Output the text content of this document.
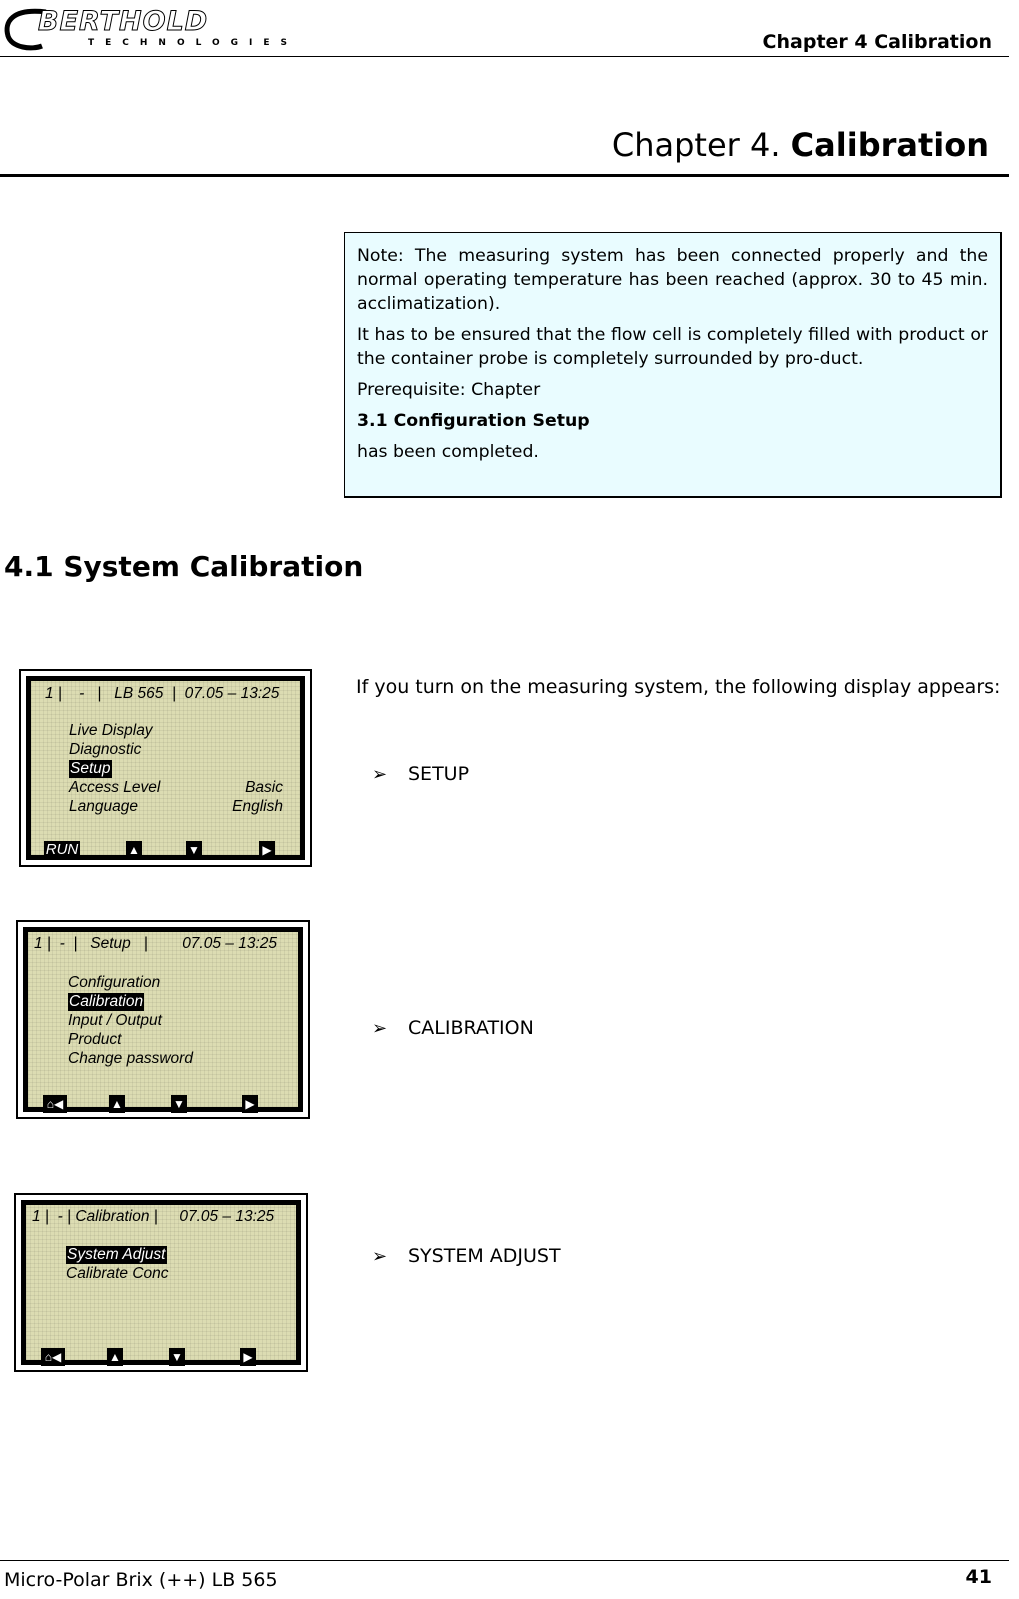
BERTHOLD
TECHNOLOGIES	Chapter 4 Calibration
Chapter 4. Calibration

Note: The measuring system has been connected properly and the normal operating temperature has been reached (approx. 30 to 45 min. acclimatization).

It has to be ensured that the flow cell is completely filled with product or the container probe is completely surrounded by pro-duct.

Prerequisite: Chapter

3.1 Configuration Setup

has been completed.

4.1 System Calibration
1 |    -   |   LB 565  |  07.05 – 13:25
Live Display
Diagnostic
Setup
Access Level	Basic
Language	English
RUN	▲	▼	▶
1 |  -  |   Setup   |        07.05 – 13:25
Configuration
Calibration
Input / Output
Product
Change password
⌂◀	▲	▼	▶
1 |  - | Calibration |     07.05 – 13:25
System Adjust
Calibrate Conc
⌂◀	▲	▼	▶
If you turn on the measuring system, the following display appears:
➢ SETUP
➢ CALIBRATION
➢ SYSTEM ADJUST
Micro-Polar Brix (++) LB 565	41
